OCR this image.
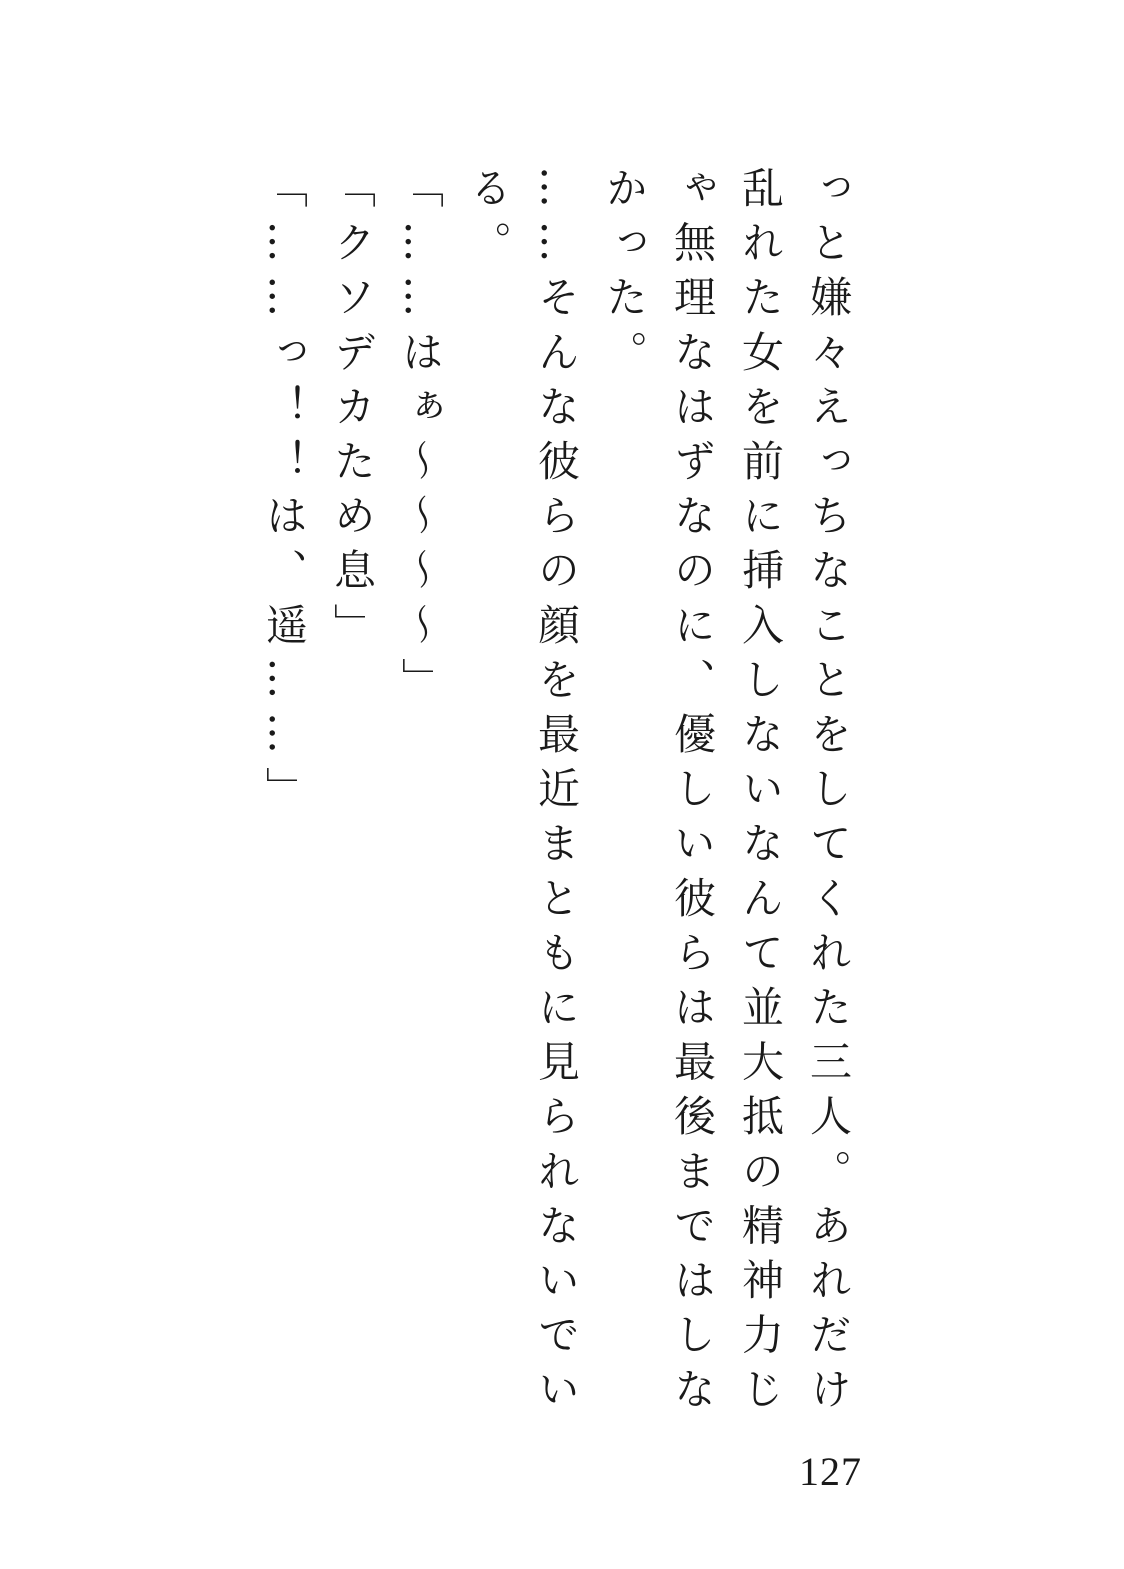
っと嫌々えっちなことをしてくれた三人。あれだけ乱れた女を前に挿入しないなんて並大抵の精神力じゃ無理なはずなのに、優しい彼らは最後まではしなかった。

……そんな彼らの顔を最近まともに見られないでいる。

「……はぁ〜〜〜〜」

「クソデカため息」

「……っ！！は、遥……」

127
